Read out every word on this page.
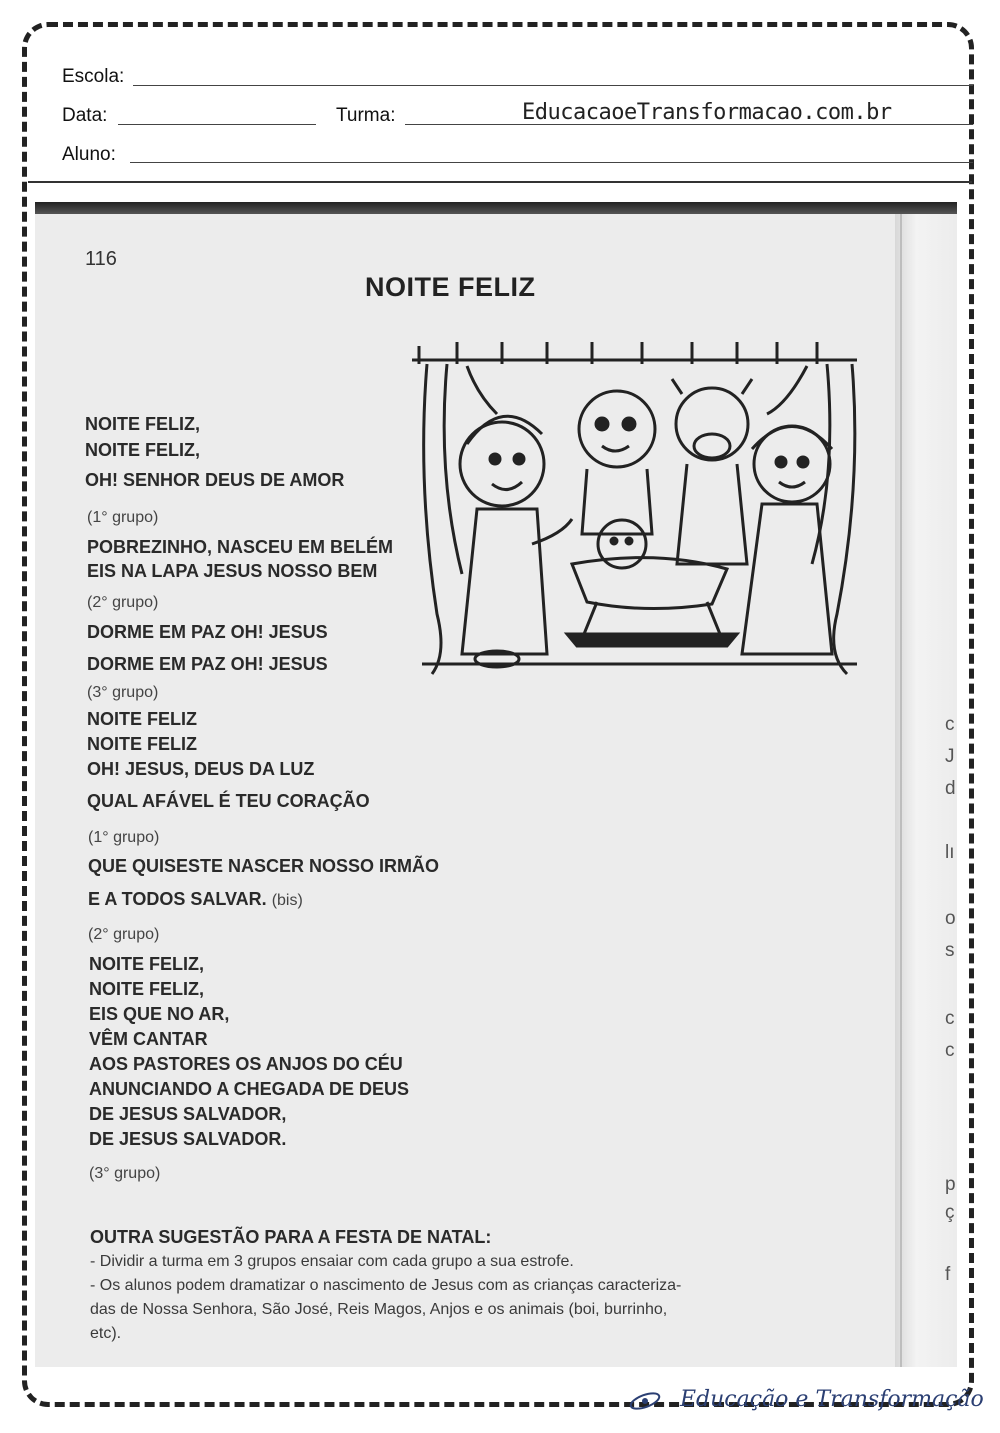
Escola:
Data:	Turma:	EducacaoeTransformacao.com.br
Aluno:
116
NOITE FELIZ
NOITE FELIZ,
NOITE FELIZ,
OH! SENHOR DEUS DE AMOR
(1° grupo)
POBREZINHO, NASCEU EM BELÉM
EIS NA LAPA JESUS NOSSO BEM
(2° grupo)
DORME EM PAZ OH! JESUS
DORME EM PAZ OH! JESUS
(3° grupo)
NOITE FELIZ
NOITE FELIZ
OH! JESUS, DEUS DA LUZ
QUAL AFÁVEL É TEU CORAÇÃO
(1° grupo)
QUE QUISESTE NASCER NOSSO IRMÃO
E A TODOS SALVAR. (bis)
(2° grupo)
NOITE FELIZ,
NOITE FELIZ,
EIS QUE NO AR,
VÊM CANTAR
AOS PASTORES OS ANJOS DO CÉU
ANUNCIANDO A CHEGADA DE DEUS
DE JESUS SALVADOR,
DE JESUS SALVADOR.
(3° grupo)
OUTRA SUGESTÃO PARA A FESTA DE NATAL:
- Dividir a turma em 3 grupos ensaiar com cada grupo a sua estrofe.
- Os alunos podem dramatizar o nascimento de Jesus com as crianças caracteriza-
das de Nossa Senhora, São José, Reis Magos, Anjos e os animais (boi, burrinho,
etc).
c
J
d
lı
o
s
c
c
p
ç
f
Educação e Transformação
